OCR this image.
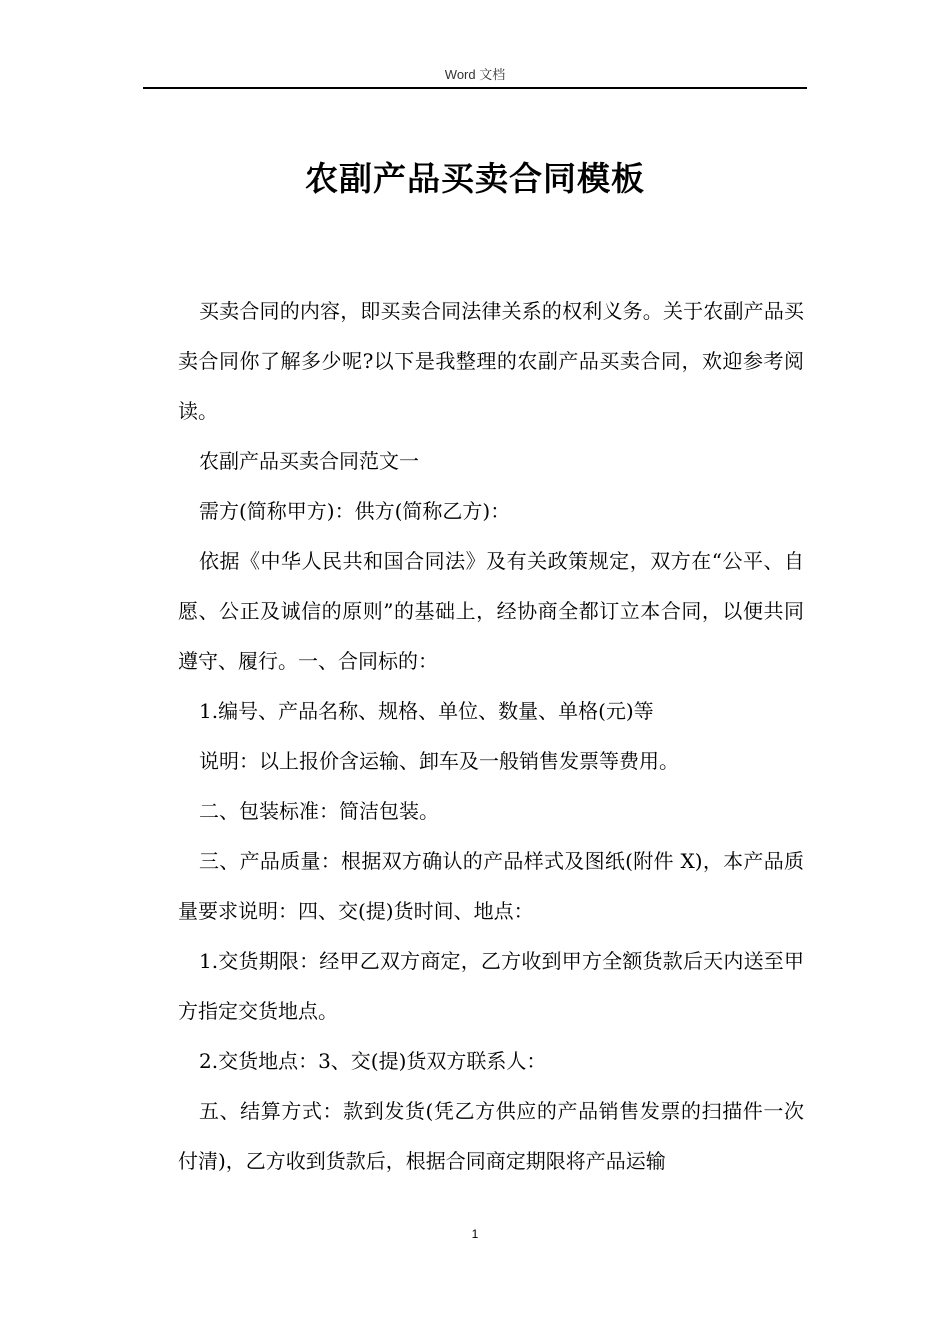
Word 文档
农副产品买卖合同模板

买卖合同的内容，即买卖合同法律关系的权利义务。关于农副产品买卖合同你了解多少呢?以下是我整理的农副产品买卖合同，欢迎参考阅读。

农副产品买卖合同范文一

需方(简称甲方)：供方(简称乙方)：

依据《中华人民共和国合同法》及有关政策规定，双方在“公平、自愿、公正及诚信的原则”的基础上，经协商全都订立本合同，以便共同遵守、履行。一、合同标的：

1.编号、产品名称、规格、单位、数量、单格(元)等

说明：以上报价含运输、卸车及一般销售发票等费用。

二、包装标准：简洁包装。

三、产品质量：根据双方确认的产品样式及图纸(附件 X)，本产品质量要求说明：四、交(提)货时间、地点：

1.交货期限：经甲乙双方商定，乙方收到甲方全额货款后天内送至甲方指定交货地点。

2.交货地点：3、交(提)货双方联系人：

五、结算方式：款到发货(凭乙方供应的产品销售发票的扫描件一次付清)，乙方收到货款后，根据合同商定期限将产品运输

1
